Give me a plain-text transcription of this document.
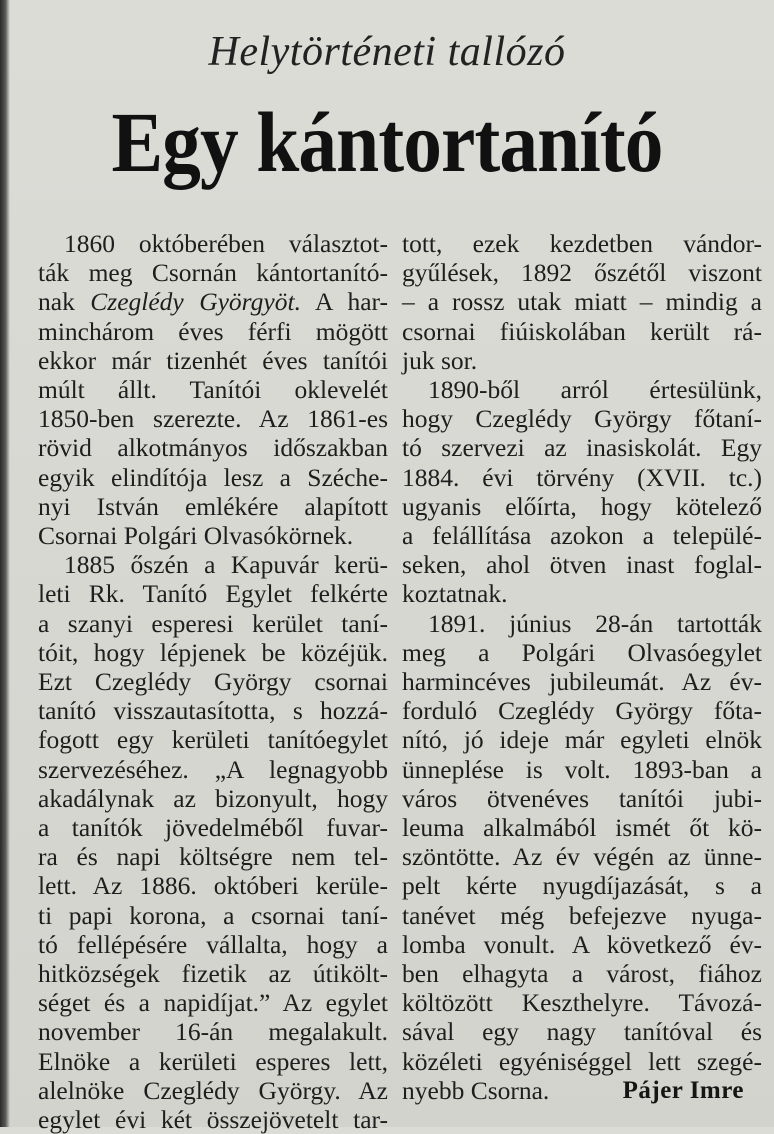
Helytörténeti tallózó
Egy kántortanító
1860 októberében választot-
ták meg Csornán kántortanító-
nak Czeglédy Györgyöt. A har-
minchárom éves férfi mögött
ekkor már tizenhét éves tanítói
múlt állt. Tanítói oklevelét
1850-ben szerezte. Az 1861-es
rövid alkotmányos időszakban
egyik elindítója lesz a Széche-
nyi István emlékére alapított
Csornai Polgári Olvasókörnek.
1885 őszén a Kapuvár kerü-
leti Rk. Tanító Egylet felkérte
a szanyi esperesi kerület taní-
tóit, hogy lépjenek be közéjük.
Ezt Czeglédy György csornai
tanító visszautasította, s hozzá-
fogott egy kerületi tanítóegylet
szervezéséhez. „A legnagyobb
akadálynak az bizonyult, hogy
a tanítók jövedelméből fuvar-
ra és napi költségre nem tel-
lett. Az 1886. októberi kerüle-
ti papi korona, a csornai taní-
tó fellépésére vállalta, hogy a
hitközségek fizetik az útikölt-
séget és a napidíjat.” Az egylet
november 16-án megalakult.
Elnöke a kerületi esperes lett,
alelnöke Czeglédy György. Az
egylet évi két összejövetelt tar-
tott, ezek kezdetben vándor-
gyűlések, 1892 őszétől viszont
– a rossz utak miatt – mindig a
csornai fiúiskolában került rá-
juk sor.
1890-ből arról értesülünk,
hogy Czeglédy György főtaní-
tó szervezi az inasiskolát. Egy
1884. évi törvény (XVII. tc.)
ugyanis előírta, hogy kötelező
a felállítása azokon a települé-
seken, ahol ötven inast foglal-
koztatnak.
1891. június 28-án tartották
meg a Polgári Olvasóegylet
harmincéves jubileumát. Az év-
forduló Czeglédy György főta-
nító, jó ideje már egyleti elnök
ünneplése is volt. 1893-ban a
város ötvenéves tanítói jubi-
leuma alkalmából ismét őt kö-
szöntötte. Az év végén az ünne-
pelt kérte nyugdíjazását, s a
tanévet még befejezve nyuga-
lomba vonult. A következő év-
ben elhagyta a várost, fiához
költözött Keszthelyre. Távozá-
sával egy nagy tanítóval és
közéleti egyéniséggel lett szegé-
nyebb Csorna.	Pájer Imre
